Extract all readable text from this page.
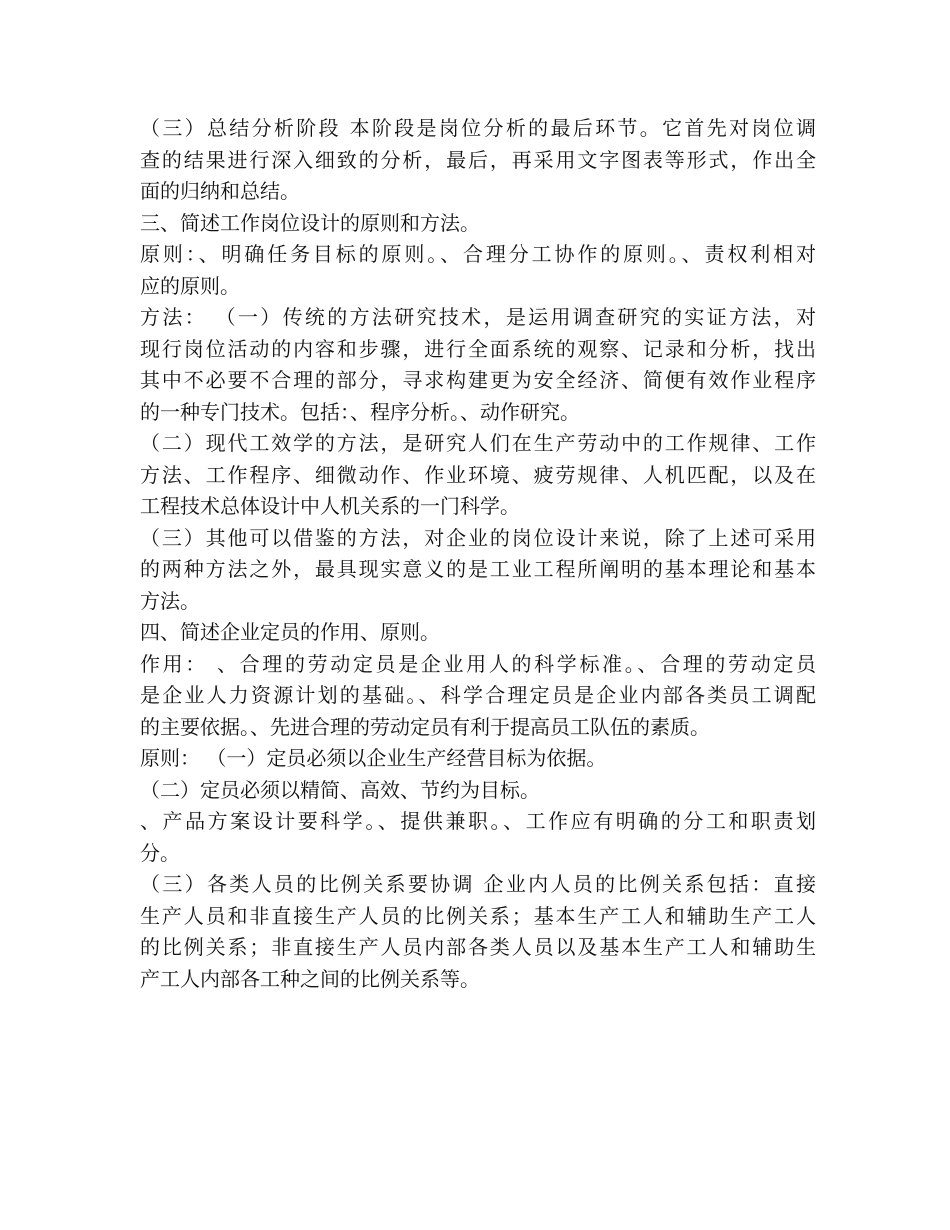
（三）总结分析阶段 本阶段是岗位分析的最后环节。它首先对岗位调
查的结果进行深入细致的分析，最后，再采用文字图表等形式，作出全
面的归纳和总结。
三、简述工作岗位设计的原则和方法。
原则：、明确任务目标的原则。、合理分工协作的原则。、责权利相对
应的原则。
方法： （一）传统的方法研究技术，是运用调查研究的实证方法，对
现行岗位活动的内容和步骤，进行全面系统的观察、记录和分析，找出
其中不必要不合理的部分，寻求构建更为安全经济、简便有效作业程序
的一种专门技术。包括：、程序分析。、动作研究。
（二）现代工效学的方法，是研究人们在生产劳动中的工作规律、工作
方法、工作程序、细微动作、作业环境、疲劳规律、人机匹配，以及在
工程技术总体设计中人机关系的一门科学。
（三）其他可以借鉴的方法，对企业的岗位设计来说，除了上述可采用
的两种方法之外，最具现实意义的是工业工程所阐明的基本理论和基本
方法。
四、简述企业定员的作用、原则。
作用： 、合理的劳动定员是企业用人的科学标准。、合理的劳动定员
是企业人力资源计划的基础。、科学合理定员是企业内部各类员工调配
的主要依据。、先进合理的劳动定员有利于提高员工队伍的素质。
原则： （一）定员必须以企业生产经营目标为依据。
（二）定员必须以精简、高效、节约为目标。
、产品方案设计要科学。、提供兼职。、工作应有明确的分工和职责划
分。
（三）各类人员的比例关系要协调 企业内人员的比例关系包括：直接
生产人员和非直接生产人员的比例关系；基本生产工人和辅助生产工人
的比例关系；非直接生产人员内部各类人员以及基本生产工人和辅助生
产工人内部各工种之间的比例关系等。
